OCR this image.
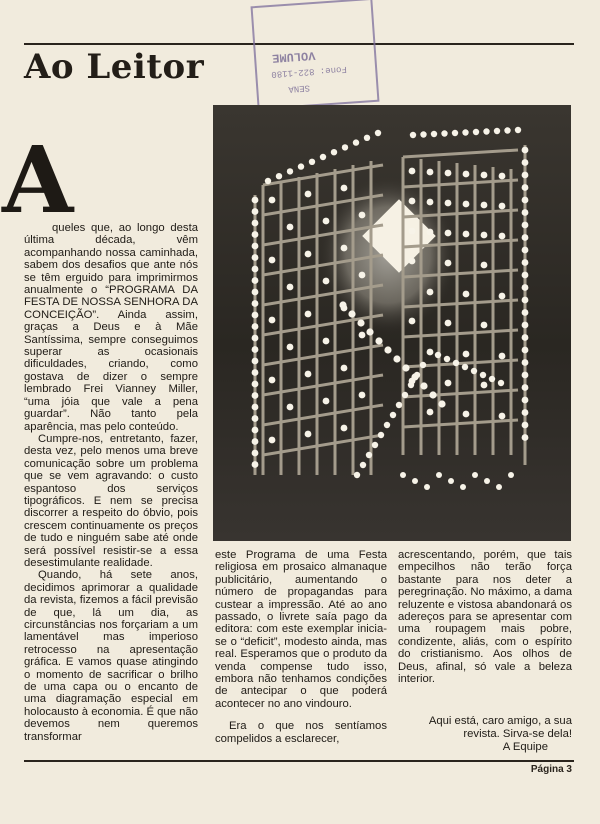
Ao Leitor	VOLUME
Fone: 822-1180
SENA
A

queles que, ao longo desta última década, vêm acompanhando nossa caminhada, sabem dos desafios que ante nós se têm erguido para imprimirmos anualmente o “PROGRAMA DA FESTA DE NOSSA SENHORA DA CONCEIÇÃO”. Ainda assim, graças a Deus e à Mãe Santíssima, sempre conseguimos superar as ocasionais dificuldades, criando, como gostava de dizer o sempre lembrado Frei Vianney Miller, “uma jóia que vale a pena guardar”. Não tanto pela aparência, mas pelo conteúdo.

Cumpre-nos, entretanto, fazer, desta vez, pelo menos uma breve comunicação sobre um problema que se vem agravando: o custo espantoso dos serviços tipográficos. E nem se precisa discorrer a respeito do óbvio, pois crescem continuamente os preços de tudo e ninguém sabe até onde será possível resistir-se a essa desestimulante realidade.

Quando, há sete anos, decidimos aprimorar a qualidade da revista, fizemos a fácil previsão de que, lá um dia, as circunstâncias nos forçariam a um lamentável mas imperioso retrocesso na apresentação gráfica. E vamos quase atingindo o momento de sacrificar o brilho de uma capa ou o encanto de uma diagramação especial em holocausto à economia. É que não devemos nem queremos transformar

este Programa de uma Festa religiosa em prosaico almanaque publicitário, aumentando o número de propagandas para custear a impressão. Até ao ano passado, o livrete saía pago da editora: com este exemplar inicia-se o “deficit”, modesto ainda, mas real. Esperamos que o produto da venda compense tudo isso, embora não tenhamos condições de antecipar o que poderá acontecer no ano vindouro.

Era o que nos sentíamos compelidos a esclarecer,

acrescentando, porém, que tais empecilhos não terão força bastante para nos deter a peregrinação. No máximo, a dama reluzente e vistosa abandonará os adereços para se apresentar com uma roupagem mais pobre, condizente, aliás, com o espírito do cristianismo. Aos olhos de Deus, afinal, só vale a beleza interior.

Aqui está, caro amigo, a sua revista. Sirva-se dela!

A Equipe

Página 3
